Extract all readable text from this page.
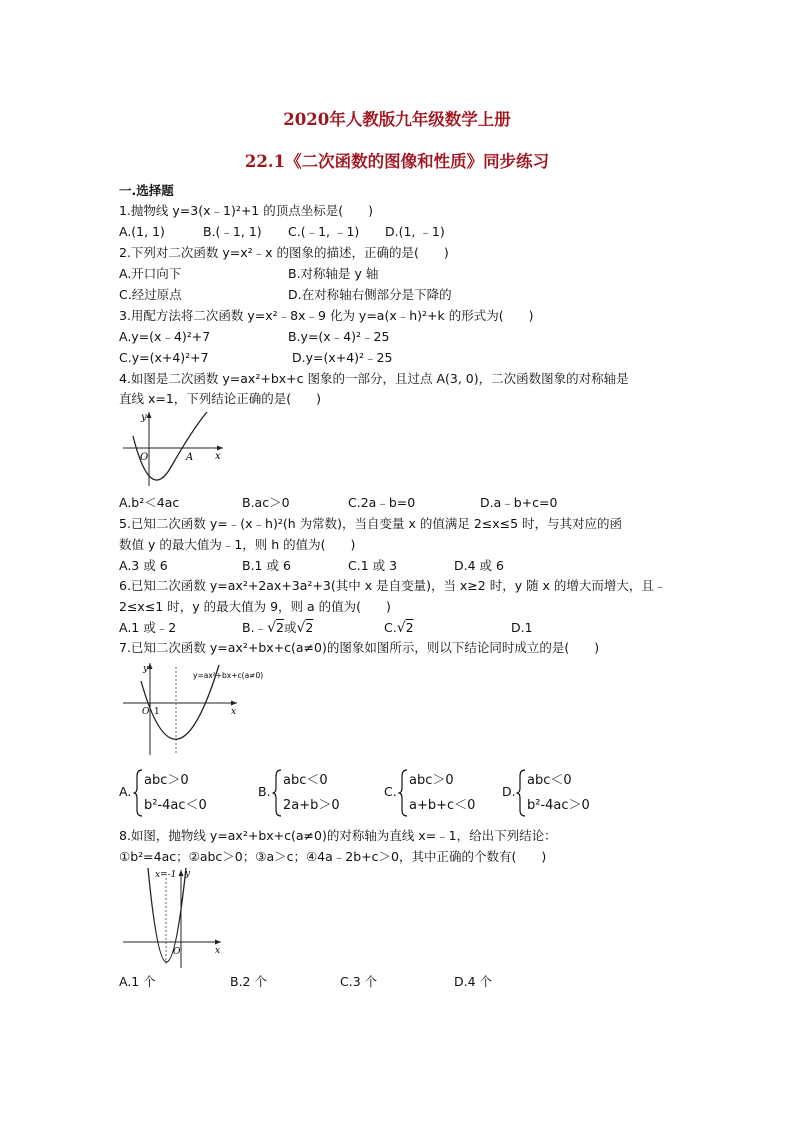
2020年人教版九年级数学上册
22.1《二次函数的图像和性质》同步练习
一.选择题
1.抛物线 y=3(x﹣1)²+1 的顶点坐标是(　　)
A.(1, 1)	B.(﹣1, 1) C.(﹣1, ﹣1) D.(1, ﹣1)
2.下列对二次函数 y=x²﹣x 的图象的描述，正确的是(　　)
A.开口向下	B.对称轴是 y 轴
C.经过原点	D.在对称轴右侧部分是下降的
3.用配方法将二次函数 y=x²﹣8x﹣9 化为 y=a(x﹣h)²+k 的形式为(　　)
A.y=(x﹣4)²+7	B.y=(x﹣4)²﹣25
C.y=(x+4)²+7	D.y=(x+4)²﹣25
4.如图是二次函数 y=ax²+bx+c 图象的一部分，且过点 A(3, 0)，二次函数图象的对称轴是
直线 x=1，下列结论正确的是(　　)
y
O	A x
A.b²＜4ac	B.ac＞0	C.2a﹣b=0	D.a﹣b+c=0
5.已知二次函数 y=﹣(x﹣h)²(h 为常数)，当自变量 x 的值满足 2≤x≤5 时，与其对应的函
数值 y 的最大值为﹣1，则 h 的值为(　　)
A.3 或 6	B.1 或 6	C.1 或 3	D.4 或 6
6.已知二次函数 y=ax²+2ax+3a²+3(其中 x 是自变量)，当 x≥2 时，y 随 x 的增大而增大，且﹣
2≤x≤1 时，y 的最大值为 9，则 a 的值为(　　)
A.1 或﹣2	B.﹣√2或√2	C.√2	D.1
7.已知二次函数 y=ax²+bx+c(a≠0)的图象如图所示，则以下结论同时成立的是(　　)
y=ax²+bx+c(a≠0)
O 1
y
x
A.
abc＞0
b²-4ac＜0
B.
abc＜0
2a+b＞0
C.
abc＞0
a+b+c＜0
D.
abc＜0
b²-4ac＞0
8.如图，抛物线 y=ax²+bx+c(a≠0)的对称轴为直线 x=﹣1，给出下列结论：
①b²=4ac；②abc＞0；③a＞c；④4a﹣2b+c＞0，其中正确的个数有(　　)
x=-1 y
O	x
A.1 个	B.2 个	C.3 个	D.4 个
